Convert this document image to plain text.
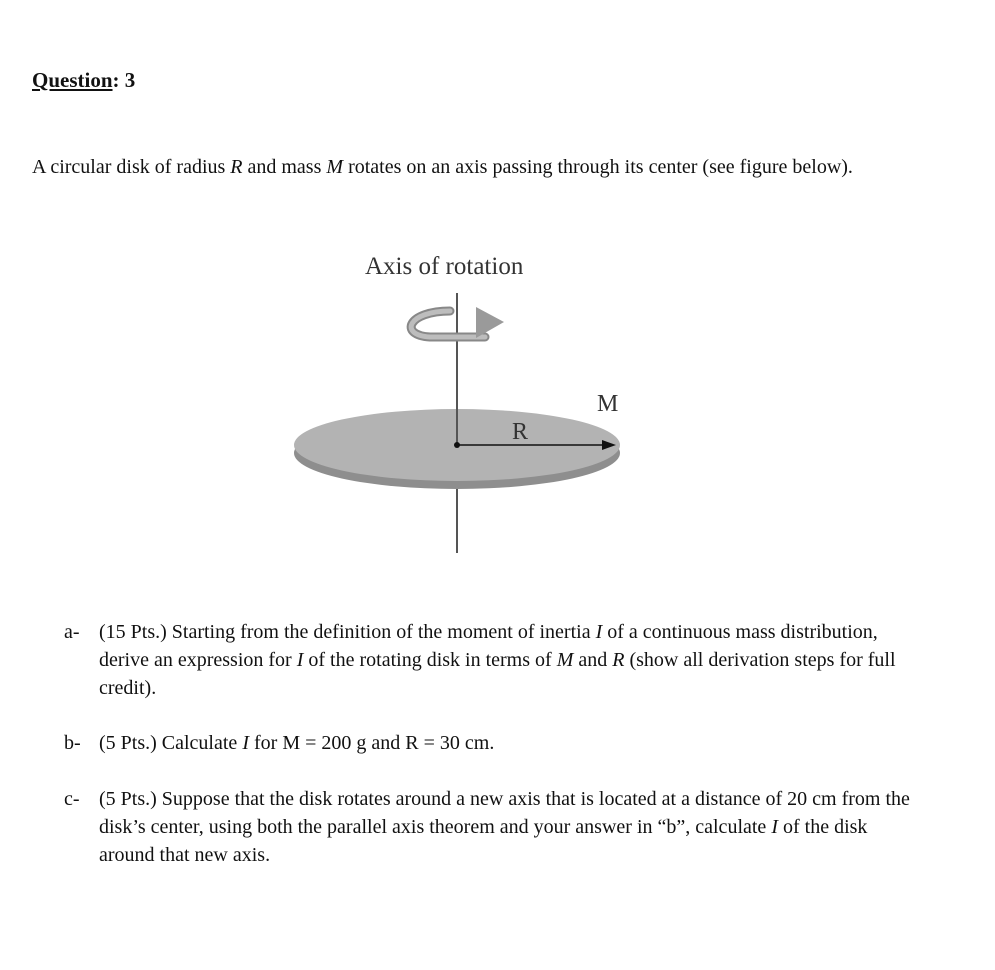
Question: 3
A circular disk of radius R and mass M rotates on an axis passing through its center (see figure below).
Axis of rotation
M
R
a- (15 Pts.) Starting from the definition of the moment of inertia I of a continuous mass distribution, derive an expression for I of the rotating disk in terms of M and R (show all derivation steps for full credit).
b- (5 Pts.) Calculate I for M = 200 g and R = 30 cm.
c- (5 Pts.) Suppose that the disk rotates around a new axis that is located at a distance of 20 cm from the disk’s center, using both the parallel axis theorem and your answer in “b”, calculate I of the disk around that new axis.
